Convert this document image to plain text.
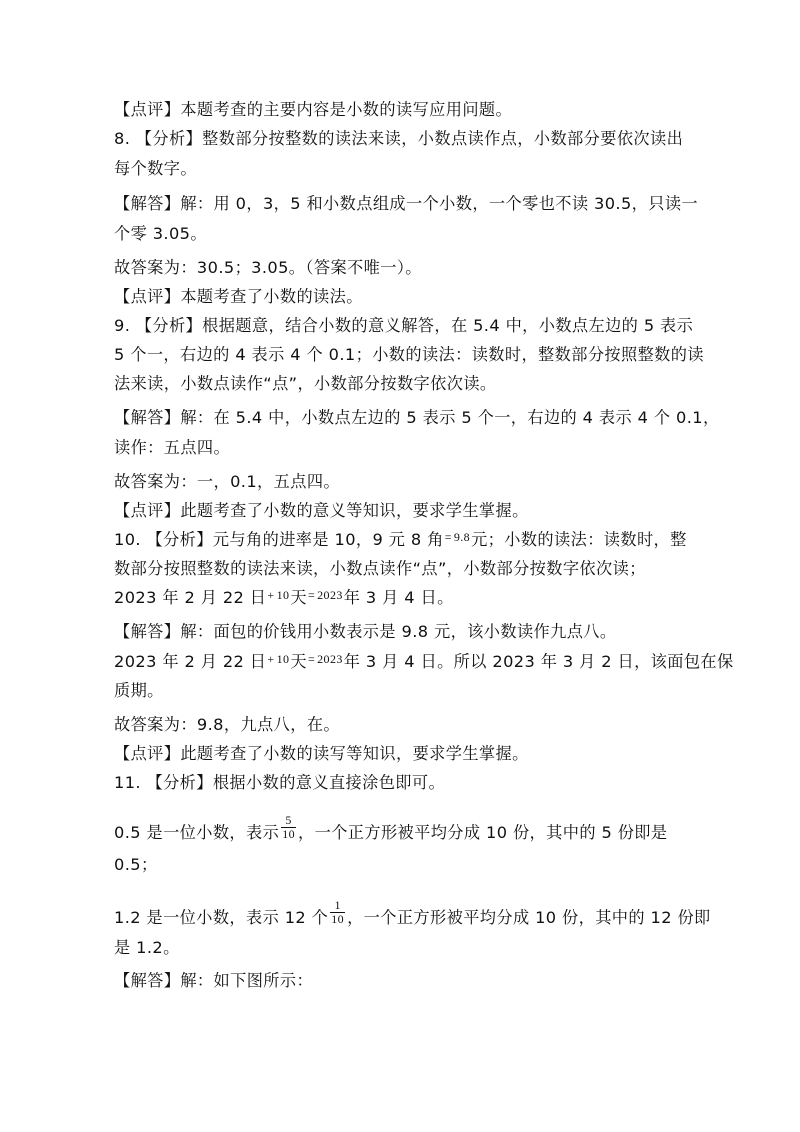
【点评】本题考查的主要内容是小数的读写应用问题。
8. 【分析】整数部分按整数的读法来读，小数点读作点，小数部分要依次读出
每个数字。
【解答】解：用 0，3，5 和小数点组成一个小数，一个零也不读 30.5，只读一
个零 3.05。
故答案为：30.5；3.05。（答案不唯一）。
【点评】本题考查了小数的读法。
9. 【分析】根据题意，结合小数的意义解答，在 5.4 中，小数点左边的 5 表示
5 个一，右边的 4 表示 4 个 0.1；小数的读法：读数时，整数部分按照整数的读
法来读，小数点读作“点”，小数部分按数字依次读。
【解答】解：在 5.4 中，小数点左边的 5 表示 5 个一，右边的 4 表示 4 个 0.1，
读作：五点四。
故答案为：一，0.1，五点四。
【点评】此题考查了小数的意义等知识，要求学生掌握。
10. 【分析】元与角的进率是 10，9 元 8 角= $^{9.8}$元；小数的读法：读数时，整
数部分按照整数的读法来读，小数点读作“点”，小数部分按数字依次读；
2023 年 2 月 22 日+ $^{10}$天= $^{2023}$年 3 月 4 日。
【解答】解：面包的价钱用小数表示是 9.8 元，该小数读作九点八。
2023 年 2 月 22 日+ $^{10}$天= $^{2023}$年 3 月 4 日。所以 2023 年 3 月 2 日，该面包在保
质期。
故答案为：9.8，九点八，在。
【点评】此题考查了小数的读写等知识，要求学生掌握。
11. 【分析】根据小数的意义直接涂色即可。
0.5 是一位小数，表示 $\frac{5}{10}$ ，一个正方形被平均分成 10 份，其中的 5 份即是
0.5；
1.2 是一位小数，表示 12 个 $\frac{1}{10}$ ，一个正方形被平均分成 10 份，其中的 12 份即
是 1.2。
【解答】解：如下图所示：
